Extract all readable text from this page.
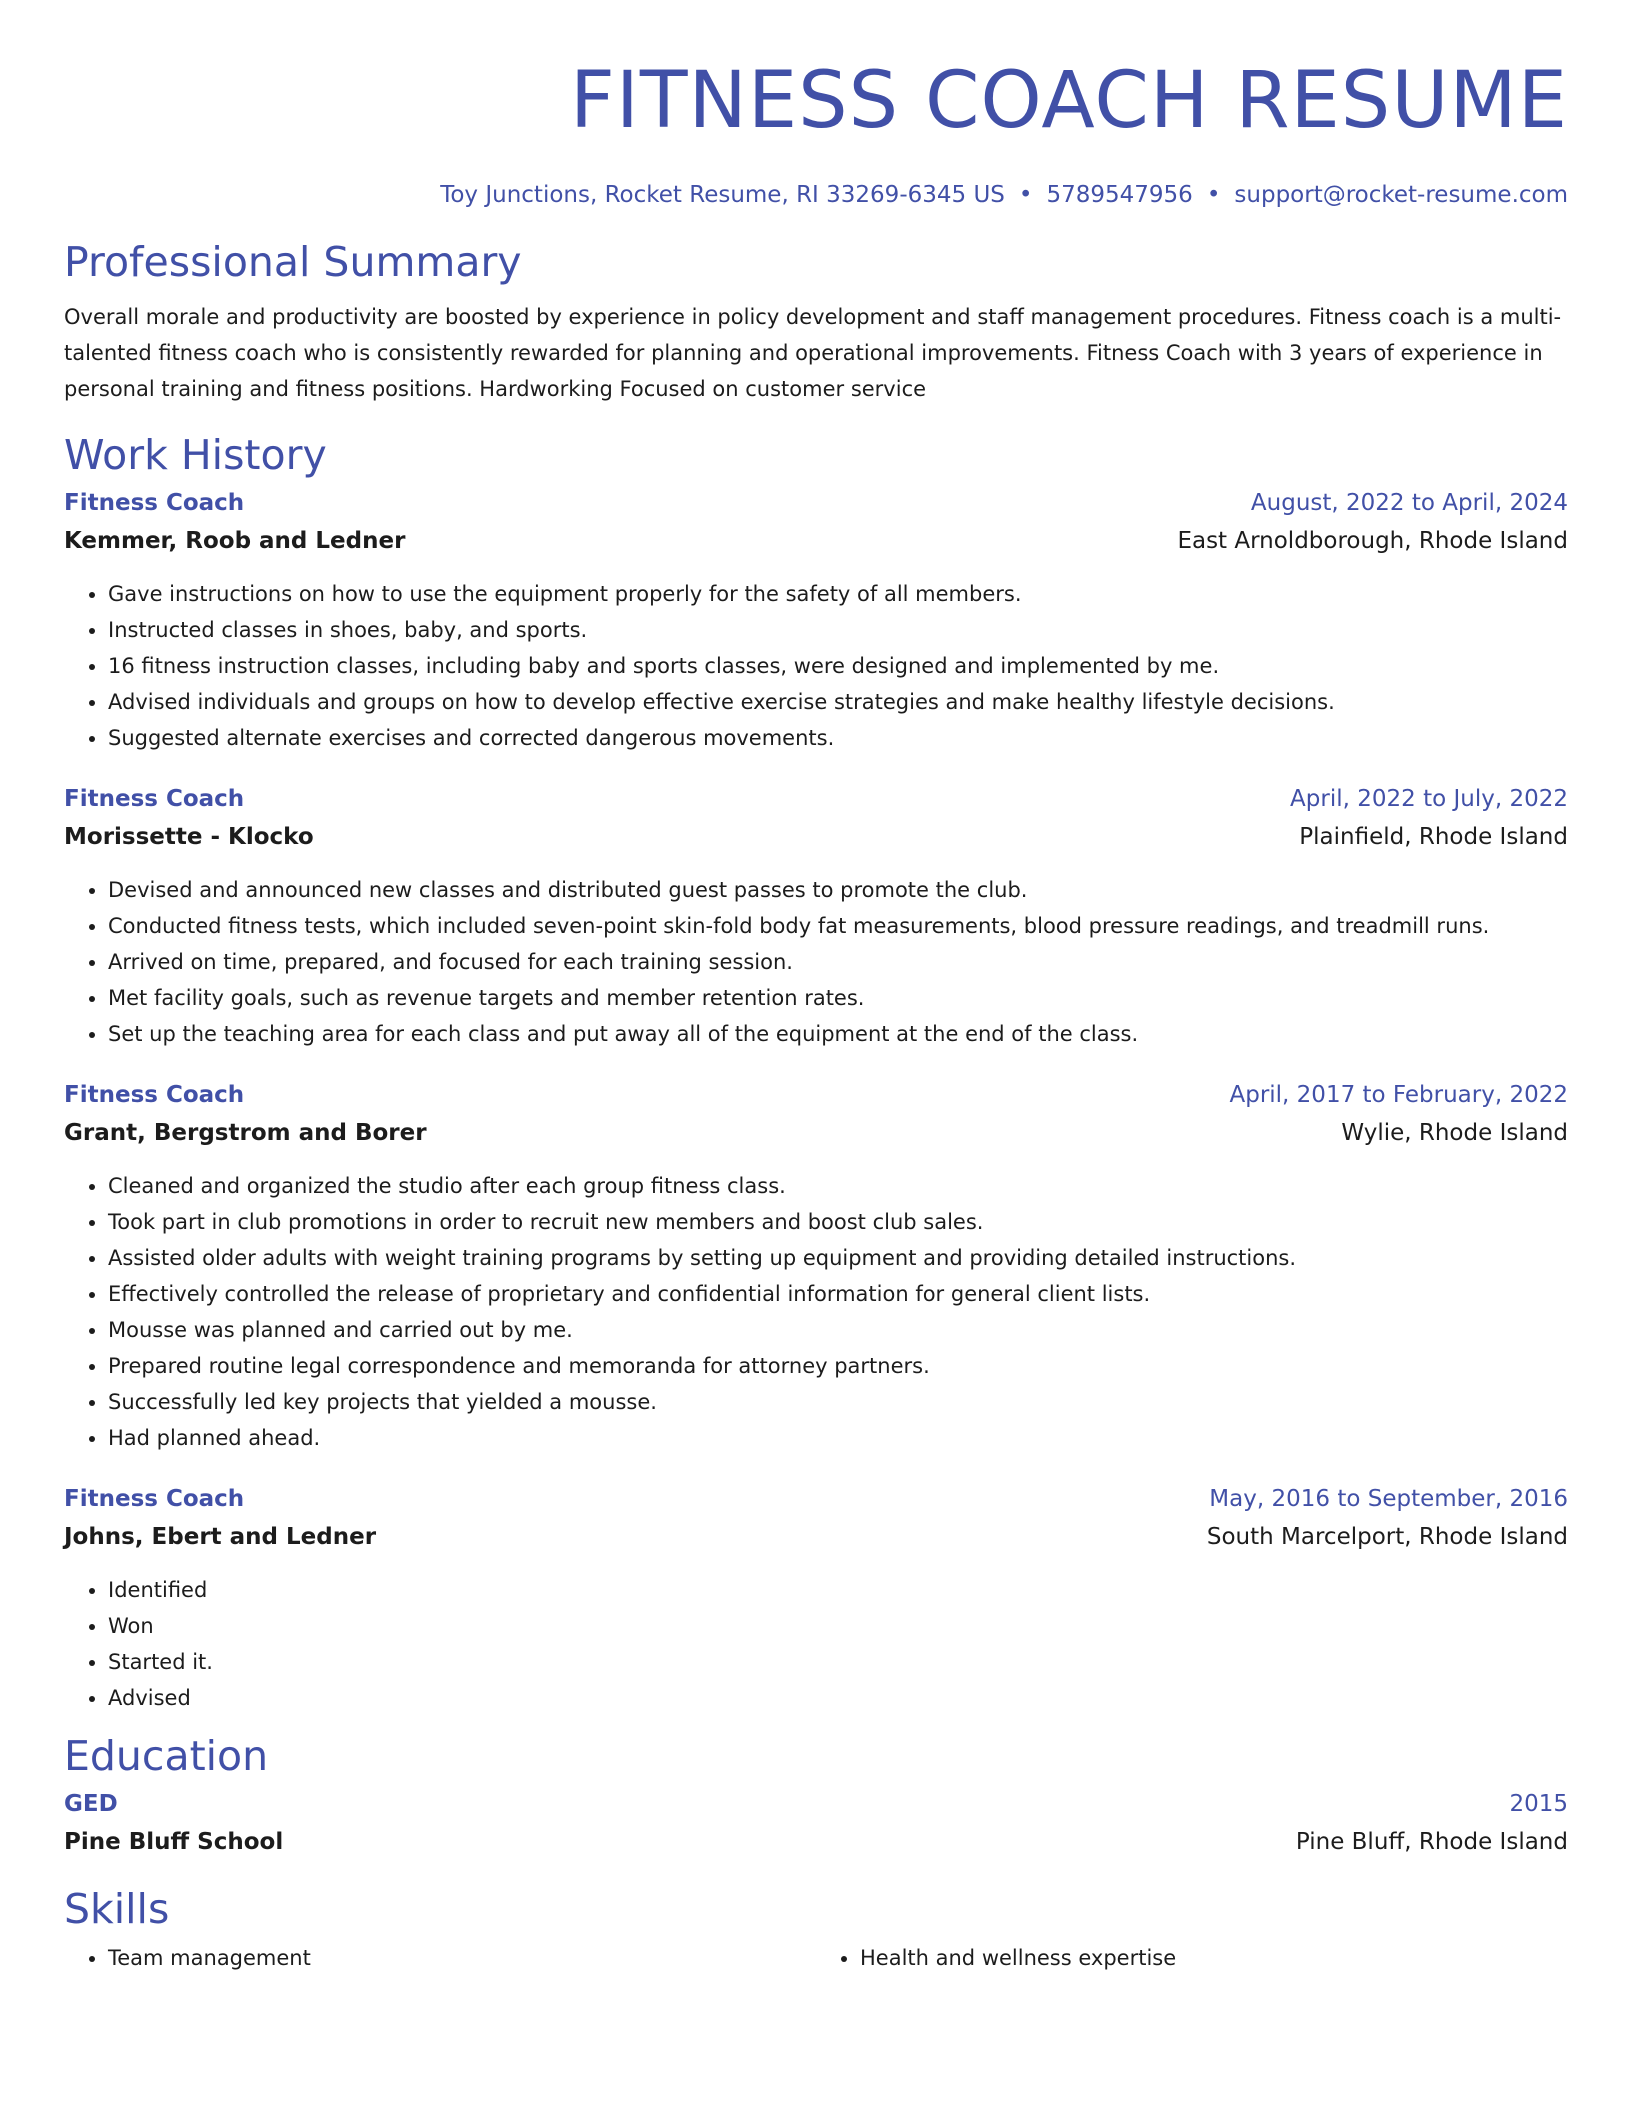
FITNESS COACH RESUME
Toy Junctions, Rocket Resume, RI 33269-6345 US • 5789547956 • support@rocket-resume.com
Professional Summary

Overall morale and productivity are boosted by experience in policy development and staff management procedures. Fitness coach is a multi-talented fitness coach who is consistently rewarded for planning and operational improvements. Fitness Coach with 3 years of experience in personal training and fitness positions. Hardworking Focused on customer service

Work History
Fitness Coach	August, 2022 to April, 2024
Kemmer, Roob and Ledner	East Arnoldborough, Rhode Island
• Gave instructions on how to use the equipment properly for the safety of all members.
• Instructed classes in shoes, baby, and sports.
• 16 fitness instruction classes, including baby and sports classes, were designed and implemented by me.
• Advised individuals and groups on how to develop effective exercise strategies and make healthy lifestyle decisions.
• Suggested alternate exercises and corrected dangerous movements.
Fitness Coach	April, 2022 to July, 2022
Morissette - Klocko	Plainfield, Rhode Island
• Devised and announced new classes and distributed guest passes to promote the club.
• Conducted fitness tests, which included seven-point skin-fold body fat measurements, blood pressure readings, and treadmill runs.
• Arrived on time, prepared, and focused for each training session.
• Met facility goals, such as revenue targets and member retention rates.
• Set up the teaching area for each class and put away all of the equipment at the end of the class.
Fitness Coach	April, 2017 to February, 2022
Grant, Bergstrom and Borer	Wylie, Rhode Island
• Cleaned and organized the studio after each group fitness class.
• Took part in club promotions in order to recruit new members and boost club sales.
• Assisted older adults with weight training programs by setting up equipment and providing detailed instructions.
• Effectively controlled the release of proprietary and confidential information for general client lists.
• Mousse was planned and carried out by me.
• Prepared routine legal correspondence and memoranda for attorney partners.
• Successfully led key projects that yielded a mousse.
• Had planned ahead.
Fitness Coach	May, 2016 to September, 2016
Johns, Ebert and Ledner	South Marcelport, Rhode Island
• Identified
• Won
• Started it.
• Advised
Education
GED	2015
Pine Bluff School	Pine Bluff, Rhode Island
Skills
• Team management
•	Health and wellness expertise
